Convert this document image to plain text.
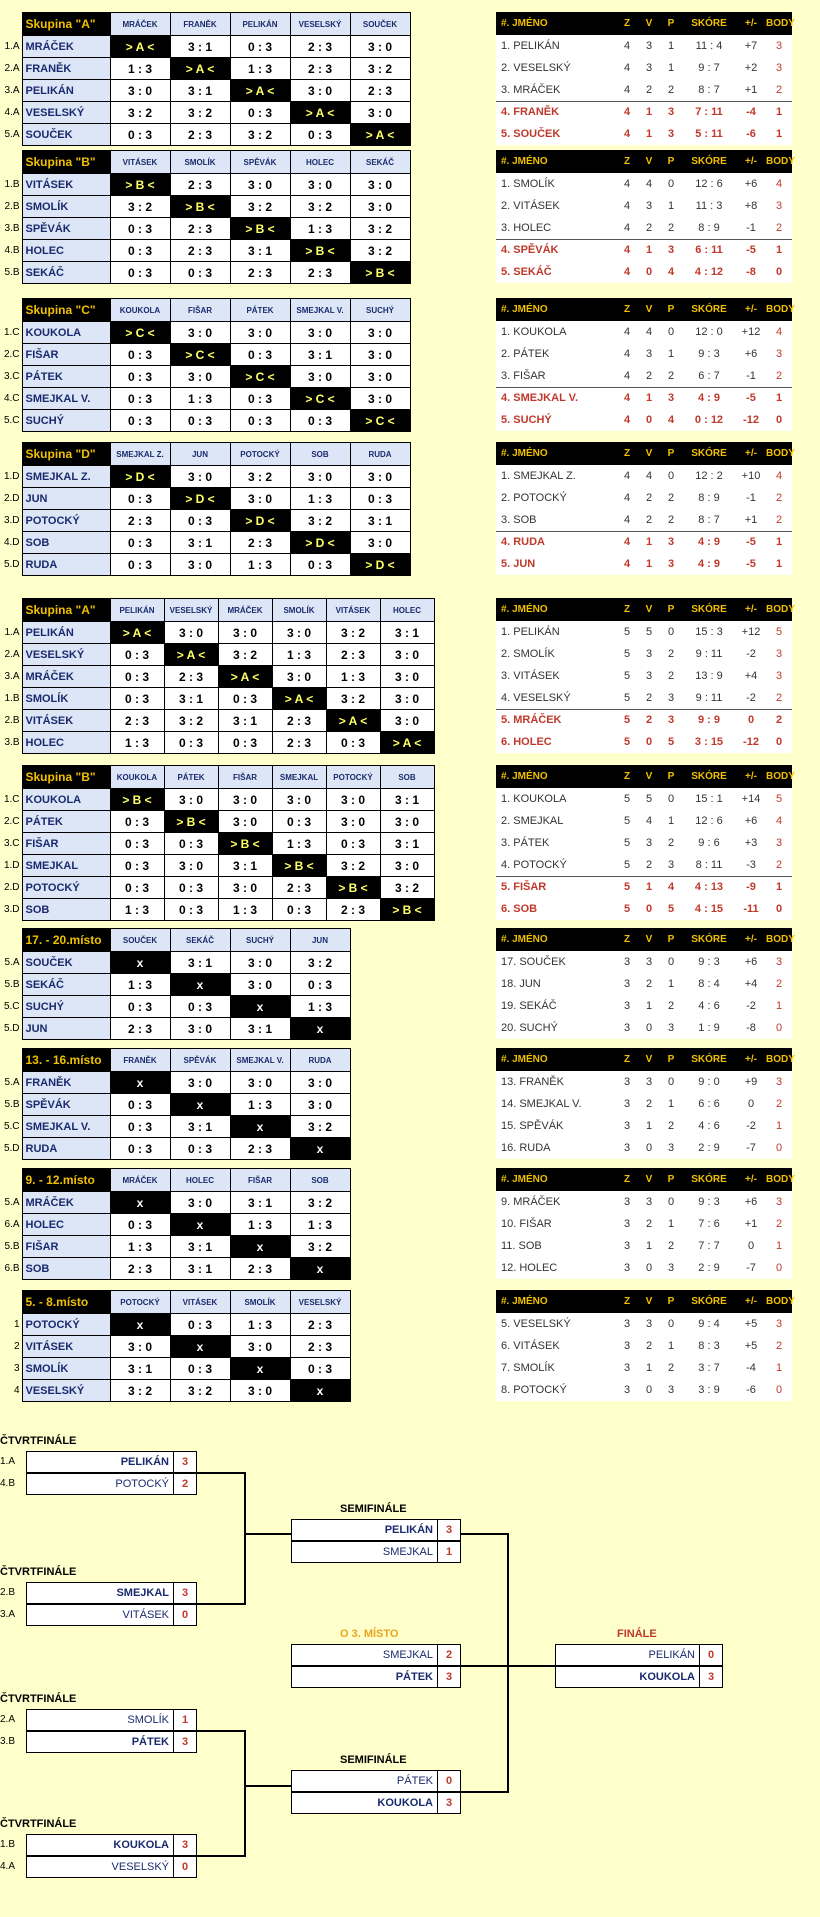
	Skupina "A"	MRÁČEK	FRANĚK	PELIKÁN	VESELSKÝ	SOUČEK
1.A	MRÁČEK	> A <	3 : 1	0 : 3	2 : 3	3 : 0
2.A	FRANĚK	1 : 3	> A <	1 : 3	2 : 3	3 : 2
3.A	PELIKÁN	3 : 0	3 : 1	> A <	3 : 0	2 : 3
4.A	VESELSKÝ	3 : 2	3 : 2	0 : 3	> A <	3 : 0
5.A	SOUČEK	0 : 3	2 : 3	3 : 2	0 : 3	> A <
#. JMÉNO	Z	V	P	SKÓRE	+/-	BODY
1. PELIKÁN	4	3	1	11 : 4	+7	3
2. VESELSKÝ	4	3	1	9 : 7	+2	3
3. MRÁČEK	4	2	2	8 : 7	+1	2
4. FRANĚK	4	1	3	7 : 11	-4	1
5. SOUČEK	4	1	3	5 : 11	-6	1
	Skupina "B"	VITÁSEK	SMOLÍK	SPĚVÁK	HOLEC	SEKÁČ
1.B	VITÁSEK	> B <	2 : 3	3 : 0	3 : 0	3 : 0
2.B	SMOLÍK	3 : 2	> B <	3 : 2	3 : 2	3 : 0
3.B	SPĚVÁK	0 : 3	2 : 3	> B <	1 : 3	3 : 2
4.B	HOLEC	0 : 3	2 : 3	3 : 1	> B <	3 : 2
5.B	SEKÁČ	0 : 3	0 : 3	2 : 3	2 : 3	> B <
#. JMÉNO	Z	V	P	SKÓRE	+/-	BODY
1. SMOLÍK	4	4	0	12 : 6	+6	4
2. VITÁSEK	4	3	1	11 : 3	+8	3
3. HOLEC	4	2	2	8 : 9	-1	2
4. SPĚVÁK	4	1	3	6 : 11	-5	1
5. SEKÁČ	4	0	4	4 : 12	-8	0
	Skupina "C"	KOUKOLA	FIŠAR	PÁTEK	SMEJKAL V.	SUCHÝ
1.C	KOUKOLA	> C <	3 : 0	3 : 0	3 : 0	3 : 0
2.C	FIŠAR	0 : 3	> C <	0 : 3	3 : 1	3 : 0
3.C	PÁTEK	0 : 3	3 : 0	> C <	3 : 0	3 : 0
4.C	SMEJKAL V.	0 : 3	1 : 3	0 : 3	> C <	3 : 0
5.C	SUCHÝ	0 : 3	0 : 3	0 : 3	0 : 3	> C <
#. JMÉNO	Z	V	P	SKÓRE	+/-	BODY
1. KOUKOLA	4	4	0	12 : 0	+12	4
2. PÁTEK	4	3	1	9 : 3	+6	3
3. FIŠAR	4	2	2	6 : 7	-1	2
4. SMEJKAL V.	4	1	3	4 : 9	-5	1
5. SUCHÝ	4	0	4	0 : 12	-12	0
	Skupina "D"	SMEJKAL Z.	JUN	POTOCKÝ	SOB	RUDA
1.D	SMEJKAL Z.	> D <	3 : 0	3 : 2	3 : 0	3 : 0
2.D	JUN	0 : 3	> D <	3 : 0	1 : 3	0 : 3
3.D	POTOCKÝ	2 : 3	0 : 3	> D <	3 : 2	3 : 1
4.D	SOB	0 : 3	3 : 1	2 : 3	> D <	3 : 0
5.D	RUDA	0 : 3	3 : 0	1 : 3	0 : 3	> D <
#. JMÉNO	Z	V	P	SKÓRE	+/-	BODY
1. SMEJKAL Z.	4	4	0	12 : 2	+10	4
2. POTOCKÝ	4	2	2	8 : 9	-1	2
3. SOB	4	2	2	8 : 7	+1	2
4. RUDA	4	1	3	4 : 9	-5	1
5. JUN	4	1	3	4 : 9	-5	1
	Skupina "A"	PELIKÁN	VESELSKÝ	MRÁČEK	SMOLÍK	VITÁSEK	HOLEC
1.A	PELIKÁN	> A <	3 : 0	3 : 0	3 : 0	3 : 2	3 : 1
2.A	VESELSKÝ	0 : 3	> A <	3 : 2	1 : 3	2 : 3	3 : 0
3.A	MRÁČEK	0 : 3	2 : 3	> A <	3 : 0	1 : 3	3 : 0
1.B	SMOLÍK	0 : 3	3 : 1	0 : 3	> A <	3 : 2	3 : 0
2.B	VITÁSEK	2 : 3	3 : 2	3 : 1	2 : 3	> A <	3 : 0
3.B	HOLEC	1 : 3	0 : 3	0 : 3	2 : 3	0 : 3	> A <
#. JMÉNO	Z	V	P	SKÓRE	+/-	BODY
1. PELIKÁN	5	5	0	15 : 3	+12	5
2. SMOLÍK	5	3	2	9 : 11	-2	3
3. VITÁSEK	5	3	2	13 : 9	+4	3
4. VESELSKÝ	5	2	3	9 : 11	-2	2
5. MRÁČEK	5	2	3	9 : 9	0	2
6. HOLEC	5	0	5	3 : 15	-12	0
	Skupina "B"	KOUKOLA	PÁTEK	FIŠAR	SMEJKAL	POTOCKÝ	SOB
1.C	KOUKOLA	> B <	3 : 0	3 : 0	3 : 0	3 : 0	3 : 1
2.C	PÁTEK	0 : 3	> B <	3 : 0	0 : 3	3 : 0	3 : 0
3.C	FIŠAR	0 : 3	0 : 3	> B <	1 : 3	0 : 3	3 : 1
1.D	SMEJKAL	0 : 3	3 : 0	3 : 1	> B <	3 : 2	3 : 0
2.D	POTOCKÝ	0 : 3	0 : 3	3 : 0	2 : 3	> B <	3 : 2
3.D	SOB	1 : 3	0 : 3	1 : 3	0 : 3	2 : 3	> B <
#. JMÉNO	Z	V	P	SKÓRE	+/-	BODY
1. KOUKOLA	5	5	0	15 : 1	+14	5
2. SMEJKAL	5	4	1	12 : 6	+6	4
3. PÁTEK	5	3	2	9 : 6	+3	3
4. POTOCKÝ	5	2	3	8 : 11	-3	2
5. FIŠAR	5	1	4	4 : 13	-9	1
6. SOB	5	0	5	4 : 15	-11	0
	17. - 20.místo	SOUČEK	SEKÁČ	SUCHÝ	JUN
5.A	SOUČEK	x	3 : 1	3 : 0	3 : 2
5.B	SEKÁČ	1 : 3	x	3 : 0	0 : 3
5.C	SUCHÝ	0 : 3	0 : 3	x	1 : 3
5.D	JUN	2 : 3	3 : 0	3 : 1	x
#. JMÉNO	Z	V	P	SKÓRE	+/-	BODY
17. SOUČEK	3	3	0	9 : 3	+6	3
18. JUN	3	2	1	8 : 4	+4	2
19. SEKÁČ	3	1	2	4 : 6	-2	1
20. SUCHÝ	3	0	3	1 : 9	-8	0
	13. - 16.místo	FRANĚK	SPĚVÁK	SMEJKAL V.	RUDA
5.A	FRANĚK	x	3 : 0	3 : 0	3 : 0
5.B	SPĚVÁK	0 : 3	x	1 : 3	3 : 0
5.C	SMEJKAL V.	0 : 3	3 : 1	x	3 : 2
5.D	RUDA	0 : 3	0 : 3	2 : 3	x
#. JMÉNO	Z	V	P	SKÓRE	+/-	BODY
13. FRANĚK	3	3	0	9 : 0	+9	3
14. SMEJKAL V.	3	2	1	6 : 6	0	2
15. SPĚVÁK	3	1	2	4 : 6	-2	1
16. RUDA	3	0	3	2 : 9	-7	0
	9. - 12.místo	MRÁČEK	HOLEC	FIŠAR	SOB
5.A	MRÁČEK	x	3 : 0	3 : 1	3 : 2
6.A	HOLEC	0 : 3	x	1 : 3	1 : 3
5.B	FIŠAR	1 : 3	3 : 1	x	3 : 2
6.B	SOB	2 : 3	3 : 1	2 : 3	x
#. JMÉNO	Z	V	P	SKÓRE	+/-	BODY
9. MRÁČEK	3	3	0	9 : 3	+6	3
10. FIŠAR	3	2	1	7 : 6	+1	2
11. SOB	3	1	2	7 : 7	0	1
12. HOLEC	3	0	3	2 : 9	-7	0
	5. - 8.místo	POTOCKÝ	VITÁSEK	SMOLÍK	VESELSKÝ
1	POTOCKÝ	x	0 : 3	1 : 3	2 : 3
2	VITÁSEK	3 : 0	x	3 : 0	2 : 3
3	SMOLÍK	3 : 1	0 : 3	x	0 : 3
4	VESELSKÝ	3 : 2	3 : 2	3 : 0	x
#. JMÉNO	Z	V	P	SKÓRE	+/-	BODY
5. VESELSKÝ	3	3	0	9 : 4	+5	3
6. VITÁSEK	3	2	1	8 : 3	+5	2
7. SMOLÍK	3	1	2	3 : 7	-4	1
8. POTOCKÝ	3	0	3	3 : 9	-6	0
ČTVRTFINÁLE
1.A	PELIKÁN	3
4.B	POTOCKÝ	2
ČTVRTFINÁLE
2.B	SMEJKAL	3
3.A	VITÁSEK	0
ČTVRTFINÁLE
2.A	SMOLÍK	1
3.B	PÁTEK	3
ČTVRTFINÁLE
1.B	KOUKOLA	3
4.A	VESELSKÝ	0
SEMIFINÁLE
PELIKÁN	3
SMEJKAL	1
SEMIFINÁLE
PÁTEK	0
KOUKOLA	3
O 3. MÍSTO
SMEJKAL	2
PÁTEK	3
FINÁLE
PELIKÁN	0
KOUKOLA	3
